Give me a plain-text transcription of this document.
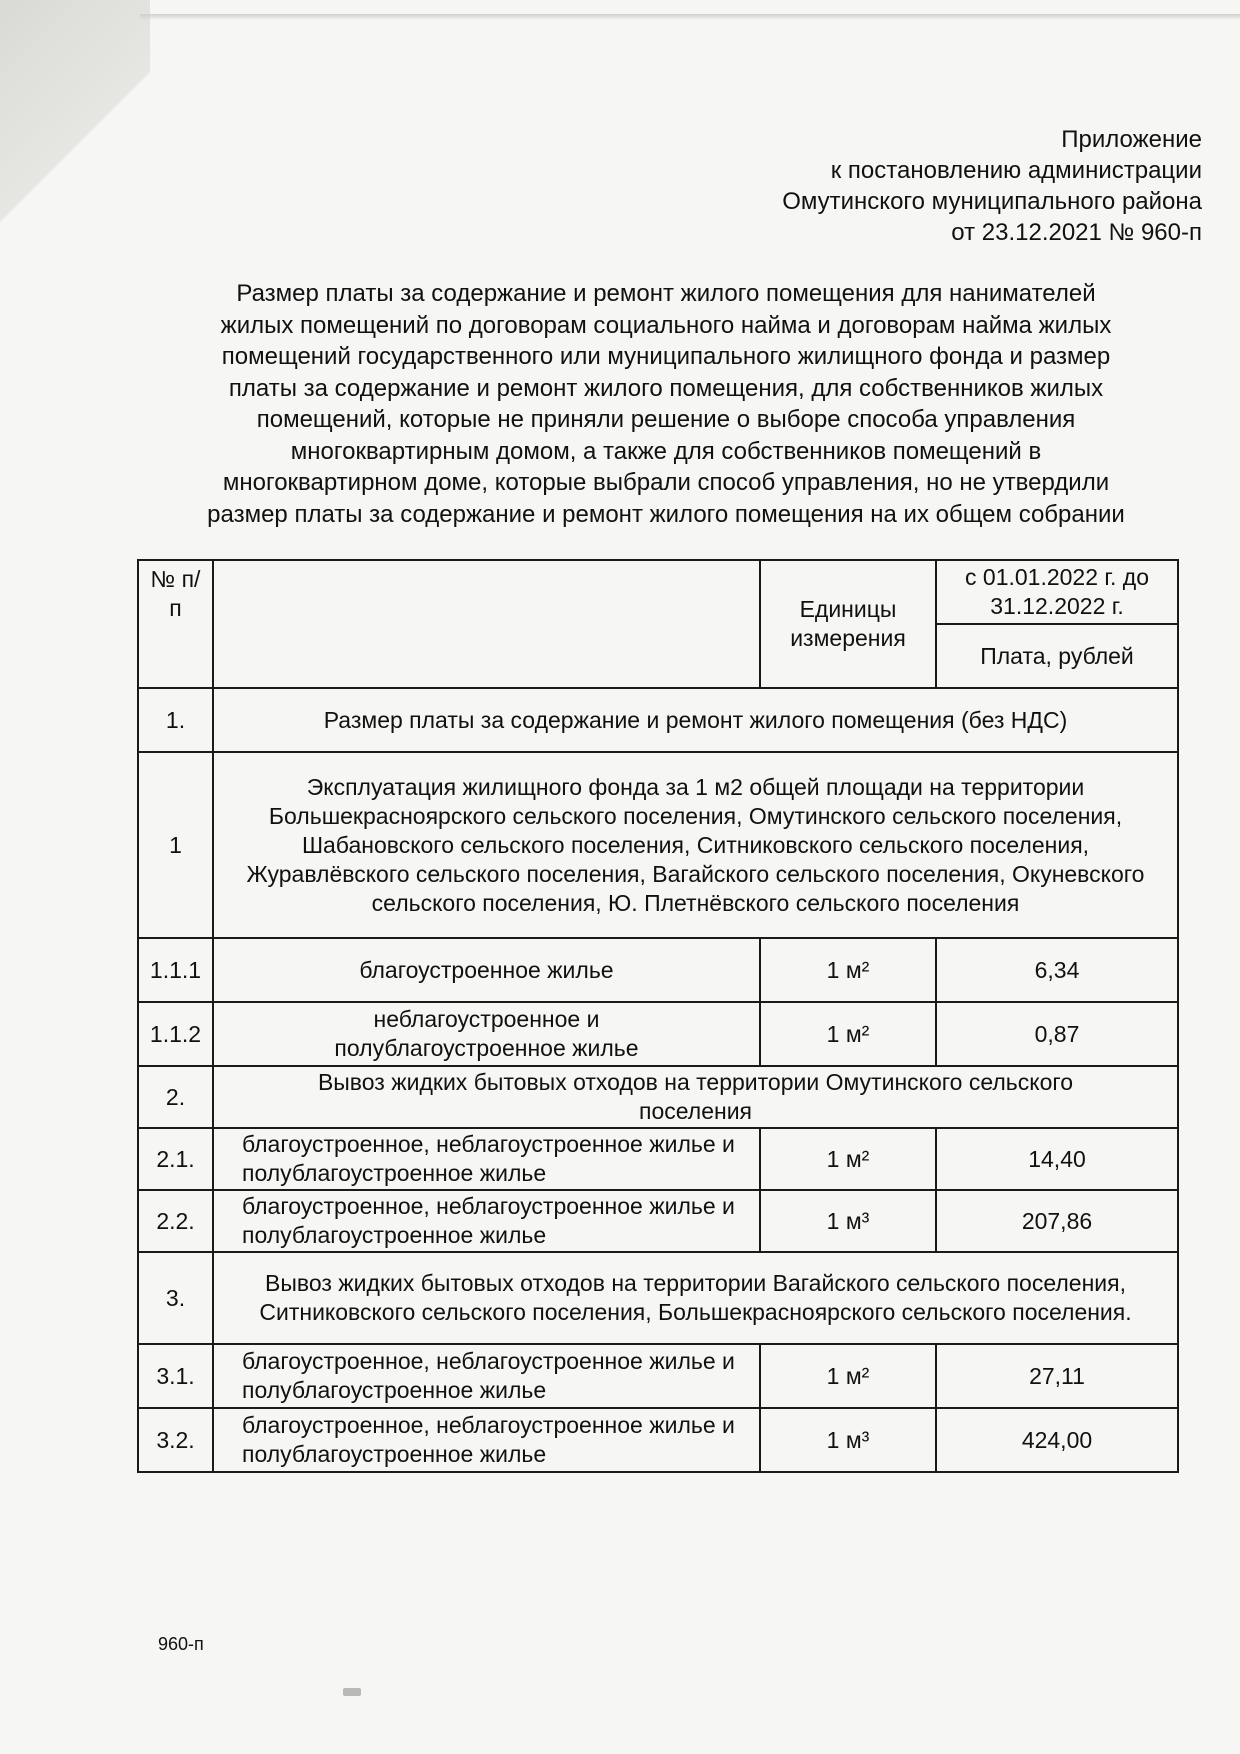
Приложение
к постановлению администрации
Омутинского муниципального района
от 23.12.2021 № 960-п
Размер платы за содержание и ремонт жилого помещения для нанимателей
жилых помещений по договорам социального найма и договорам найма жилых
помещений государственного или муниципального жилищного фонда и размер
платы за содержание и ремонт жилого помещения, для собственников жилых
помещений, которые не приняли решение о выборе способа управления
многоквартирным домом, а также для собственников помещений в
многоквартирном доме, которые выбрали способ управления, но не утвердили
размер платы за содержание и ремонт жилого помещения на их общем собрании
№ п/п		Единицы измерения	с 01.01.2022 г. до 31.12.2022 г.
			Плата, рублей
1.	Размер платы за содержание и ремонт жилого помещения (без НДС)		
1	Эксплуатация жилищного фонда за 1 м2 общей площади на территории Большекрасноярского сельского поселения, Омутинского сельского поселения, Шабановского сельского поселения, Ситниковского сельского поселения, Журавлёвского сельского поселения, Вагайского сельского поселения, Окуневского сельского поселения, Ю. Плетнёвского сельского поселения		
1.1.1	благоустроенное жилье	1 м²	6,34
1.1.2	неблагоустроенное и полублагоустроенное жилье	1 м²	0,87
2.	Вывоз жидких бытовых отходов на территории Омутинского сельского поселения		
2.1.	благоустроенное, неблагоустроенное жилье и полублагоустроенное жилье	1 м²	14,40
2.2.	благоустроенное, неблагоустроенное жилье и полублагоустроенное жилье	1 м³	207,86
3.	Вывоз жидких бытовых отходов на территории Вагайского сельского поселения, Ситниковского сельского поселения, Большекрасноярского сельского поселения.		
3.1.	благоустроенное, неблагоустроенное жилье и полублагоустроенное жилье	1 м²	27,11
3.2.	благоустроенное, неблагоустроенное жилье и полублагоустроенное жилье	1 м³	424,00
960-п
